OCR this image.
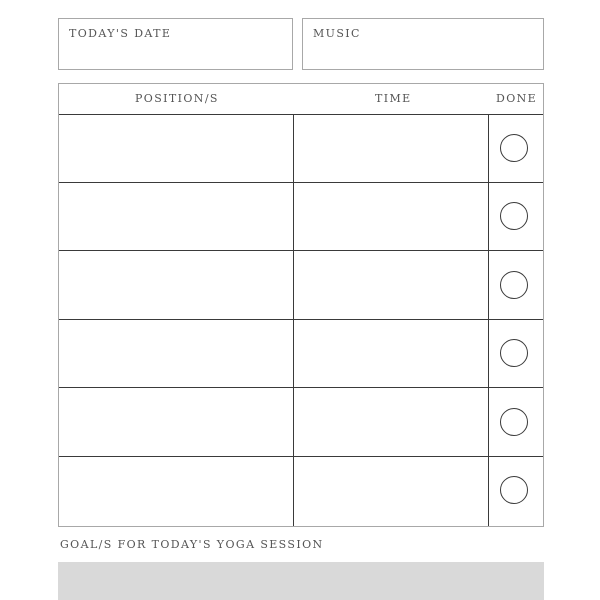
TODAY'S DATE	MUSIC
POSITION/S	TIME	DONE
GOAL/S FOR TODAY'S YOGA SESSION
